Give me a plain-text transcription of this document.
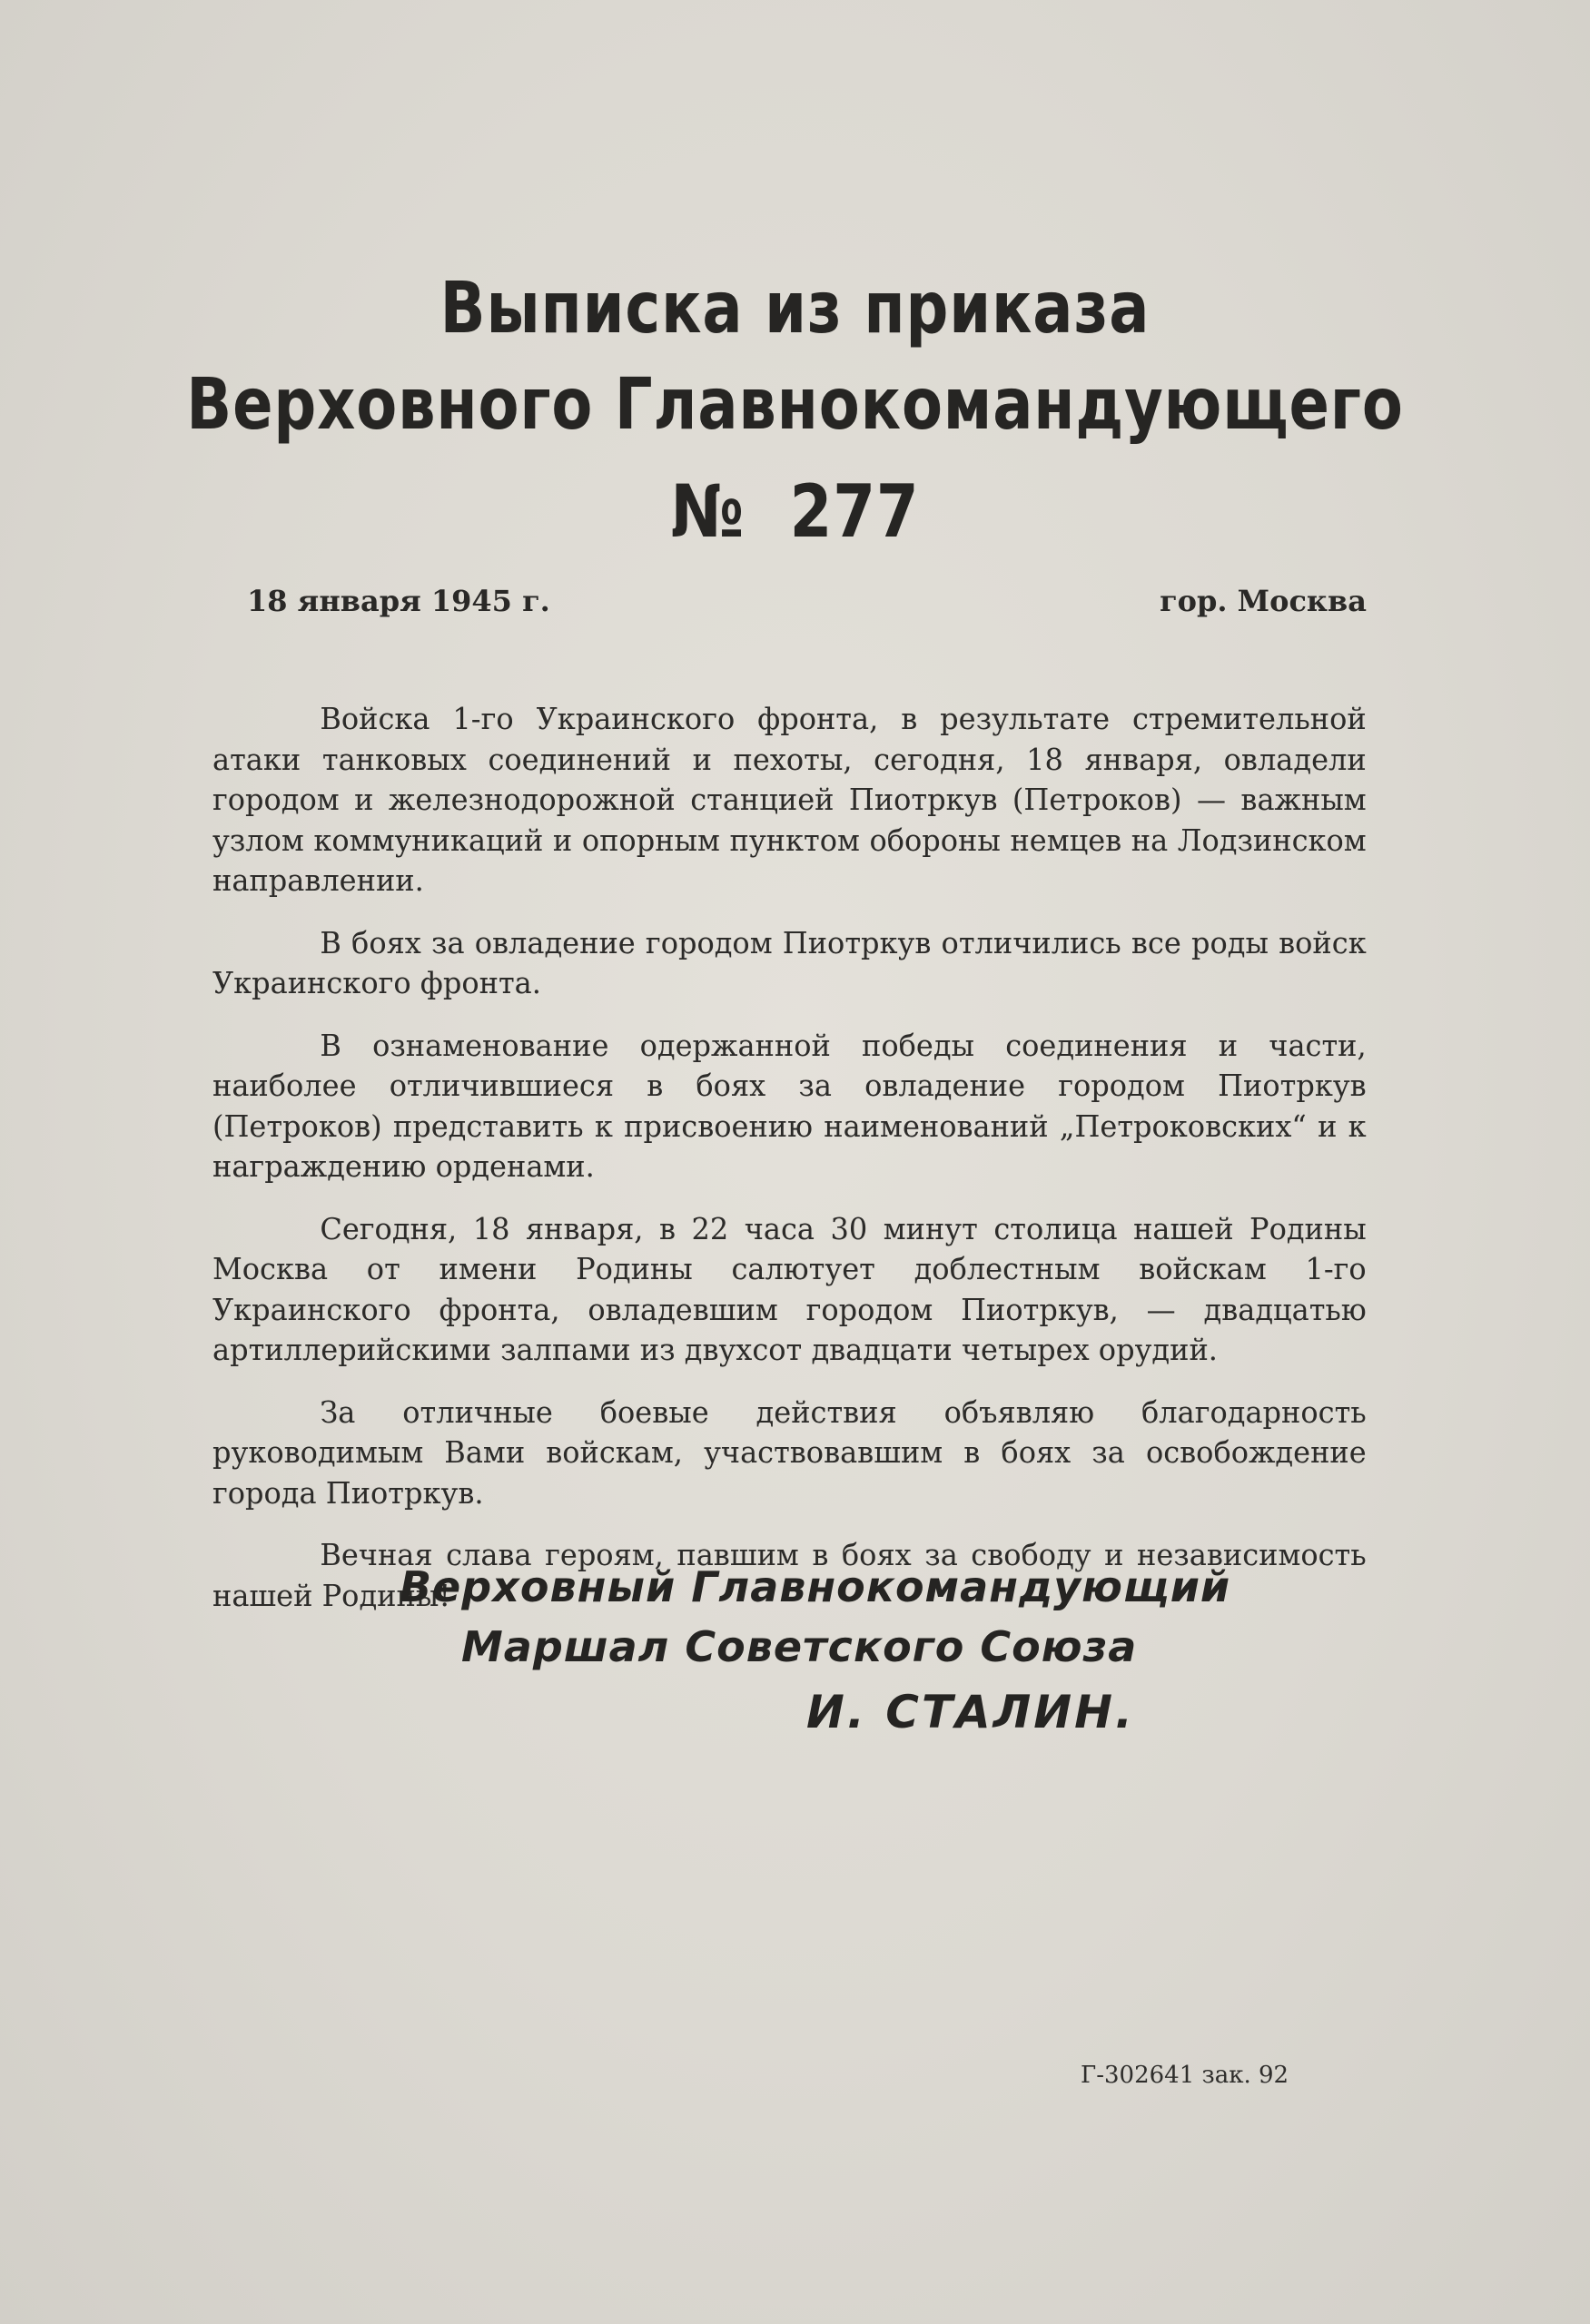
Выписка из приказа
Верховного Главнокомандующего
№ 277
18 января 1945 г.	гор. Москва

Войска 1-го Украинского фронта, в результате стремительной атаки танковых соединений и пехоты, сегодня, 18 января, овладели городом и железнодорожной станцией Пиотркув (Петроков) — важным узлом коммуникаций и опорным пунктом обороны немцев на Лодзинском направлении.

В боях за овладение городом Пиотркув отличились все роды войск Украинского фронта.

В ознаменование одержанной победы соединения и части, наиболее отличившиеся в боях за овладение городом Пиотркув (Петроков) представить к присвоению наименований „Петроковских“ и к награждению орденами.

Сегодня, 18 января, в 22 часа 30 минут столица нашей Родины Москва от имени Родины салютует доблестным войскам 1-го Украинского фронта, овладевшим городом Пиотркув, — двадцатью артиллерийскими залпами из двухсот двадцати четырех орудий.

За отличные боевые действия объявляю благодарность руководимым Вами войскам, участвовавшим в боях за освобождение города Пиотркув.

Вечная слава героям, павшим в боях за свободу и независимость нашей Родины!

Верховный Главнокомандующий
Маршал Советского Союза
И. СТАЛИН.
Г-302641 зак. 92
